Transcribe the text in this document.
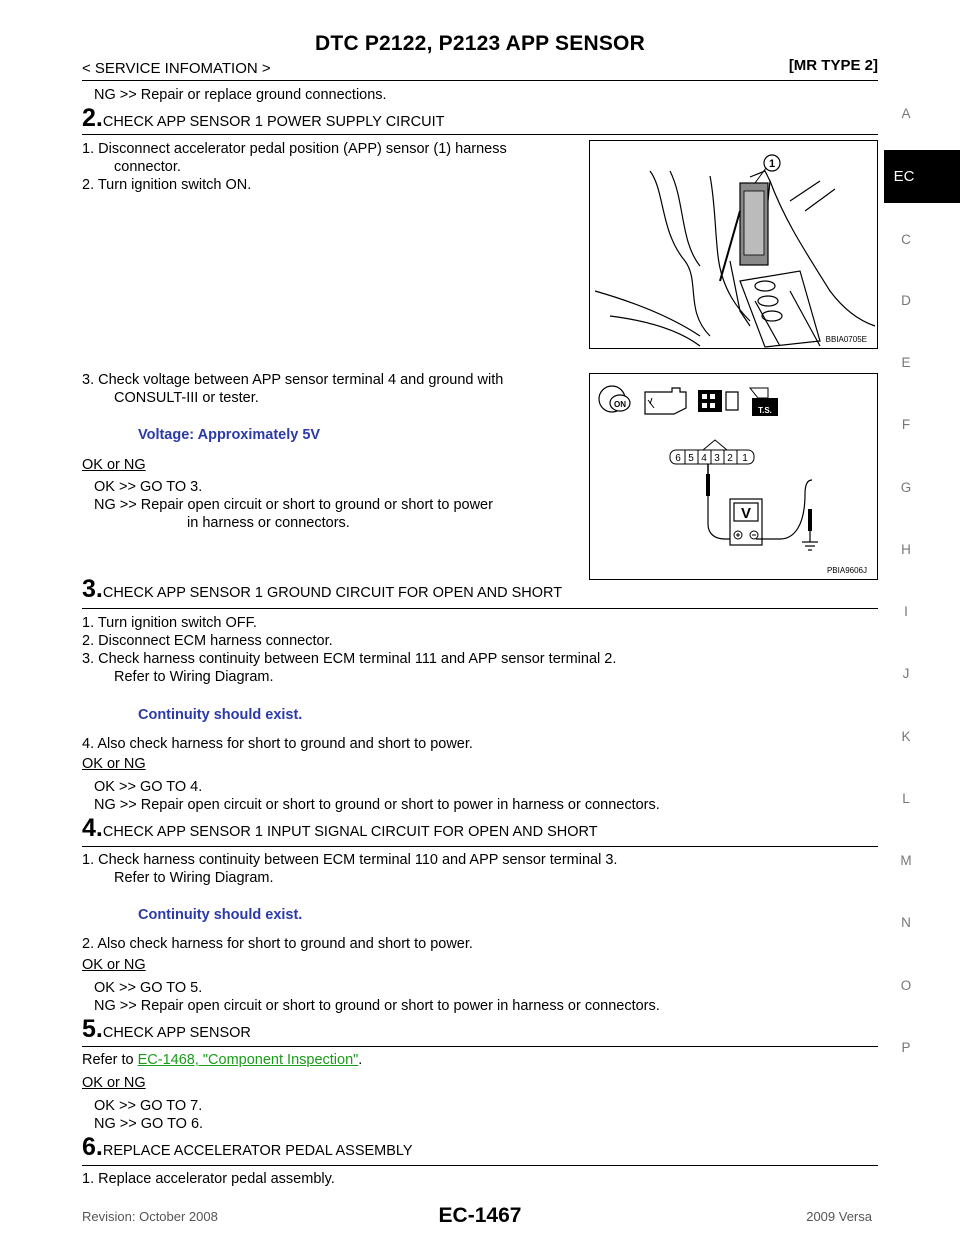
DTC P2122, P2123 APP SENSOR
< SERVICE INFOMATION >	[MR TYPE 2]
A
EC
C
D
E
F
G
H
I
J
K
L
M
N
O
P
NG >> Repair or replace ground connections.
2.CHECK APP SENSOR 1 POWER SUPPLY CIRCUIT
1. Disconnect accelerator pedal position (APP) sensor (1) harness
connector.
2. Turn ignition switch ON.
3. Check voltage between APP sensor terminal 4 and ground with
CONSULT-III or tester.
Voltage: Approximately 5V
OK or NG
OK >> GO TO 3.
NG >> Repair open circuit or short to ground or short to power
in harness or connectors.
1
BBIA0705E
ON
T.S.
6 5 4 3 2 1
V
PBIA9606J
3.CHECK APP SENSOR 1 GROUND CIRCUIT FOR OPEN AND SHORT
1. Turn ignition switch OFF.
2. Disconnect ECM harness connector.
3. Check harness continuity between ECM terminal 111 and APP sensor terminal 2.
Refer to Wiring Diagram.
Continuity should exist.
4. Also check harness for short to ground and short to power.
OK or NG
OK >> GO TO 4.
NG >> Repair open circuit or short to ground or short to power in harness or connectors.
4.CHECK APP SENSOR 1 INPUT SIGNAL CIRCUIT FOR OPEN AND SHORT
1. Check harness continuity between ECM terminal 110 and APP sensor terminal 3.
Refer to Wiring Diagram.
Continuity should exist.
2. Also check harness for short to ground and short to power.
OK or NG
OK >> GO TO 5.
NG >> Repair open circuit or short to ground or short to power in harness or connectors.
5.CHECK APP SENSOR
Refer to EC-1468, "Component Inspection".
OK or NG
OK >> GO TO 7.
NG >> GO TO 6.
6.REPLACE ACCELERATOR PEDAL ASSEMBLY
1. Replace accelerator pedal assembly.
Revision: October 2008	EC-1467	2009 Versa
